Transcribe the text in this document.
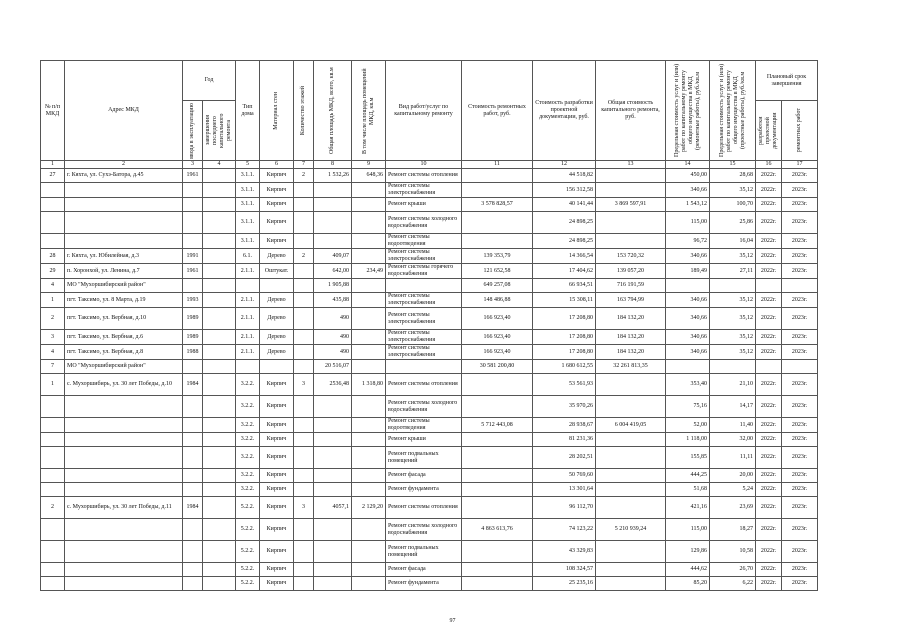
№ п/п МКД	Адрес МКД	Год		Тип дома	Материал стен	Количество этажей	Общая площадь МКД, всего, кв.м	В том числе площадь помещений МКД, кв.м	Вид работ/услуг по капитальному ремонту	Стоимость ремонтных работ, руб.	Стоимость разработки проектной документации, руб.	Общая стоимость капитального ремонта, руб.	Предельная стоимость услуг и (или) работ по капитальному ремонту общего имущества в МКД (ремонтные работы), руб./кв.м	Предельная стоимость услуг и (или) работ по капитальному ремонту общего имущества в МКД (проектные работы), руб./кв.м	Плановый срок завершения	

		ввода в эксплуатацию	завершения последнего капитального ремонта												разработки проектной документации	ремонтных работ

1	2	3	4	5	6	7	8	9	10	11	12	13	14	15	16	17
27	г. Кяхта, ул. Сухэ-Батора, д.45	1961		3.1.1.	Кирпич	2	1 532,26	648,36	Ремонт системы отопления		44 518,82		450,00	28,68	2022г.	2023г.
				3.1.1.	Кирпич				Ремонт системы электроснабжения		156 312,58		340,66	35,12	2022г.	2023г.
				3.1.1.	Кирпич				Ремонт крыши	3 578 828,57	40 141,44	3 869 597,91	1 543,12	100,70	2022г.	2023г.
				3.1.1.	Кирпич				Ремонт системы холодного водоснабжения		24 898,25		115,00	25,86	2022г.	2023г.
				3.1.1.	Кирпич				Ремонт системы водоотведения		24 898,25		96,72	16,04	2022г.	2023г.
28	г. Кяхта, ул. Юбилейная, д.3	1991		6.1.	Дерево	2	409,07		Ремонт системы электроснабжения	139 353,79	14 366,54	153 720,32	340,66	35,12	2022г.	2023г.
29	п. Хоронхой, ул. Ленина, д.7	1961		2.1.1.	Оштукат.		642,00	234,49	Ремонт системы горячего водоснабжения	121 652,58	17 404,62	139 057,20	189,49	27,11	2022г.	2023г.
4	МО "Мухоршибирский район"						1 905,88			649 257,08	66 934,51	716 191,59				
1	пгт. Таксимо, ул. 8 Марта, д.19	1993		2.1.1.	Дерево		435,88		Ремонт системы электроснабжения	148 486,88	15 308,11	163 794,99	340,66	35,12	2022г.	2023г.
2	пгт. Таксимо, ул. Вербная, д.10	1989		2.1.1.	Дерево		490		Ремонт системы электроснабжения	166 923,40	17 208,80	184 132,20	340,66	35,12	2022г.	2023г.
3	пгт. Таксимо, ул. Вербная, д.6	1989		2.1.1.	Дерево		490		Ремонт системы электроснабжения	166 923,40	17 208,80	184 132,20	340,66	35,12	2022г.	2023г.
4	пгт. Таксимо, ул. Вербная, д.8	1988		2.1.1.	Дерево		490		Ремонт системы электроснабжения	166 923,40	17 208,80	184 132,20	340,66	35,12	2022г.	2023г.
7	МО "Мухоршибирский район"						20 516,07			30 581 200,80	1 680 612,55	32 261 813,35				
1	с. Мухоршибирь, ул. 30 лет Победы, д.10	1984		3.2.2.	Кирпич	3	2536,48	1 318,80	Ремонт системы отопления		53 561,93		353,40	21,10	2022г.	2023г.
				3.2.2.	Кирпич				Ремонт системы холодного водоснабжения		35 970,26		75,16	14,17	2022г.	2023г.
				3.2.2.	Кирпич				Ремонт системы водоотведения	5 712 443,08	28 938,67	6 004 419,05	52,00	11,40	2022г.	2023г.
				3.2.2.	Кирпич				Ремонт крыши		81 231,36		1 118,00	32,00	2022г.	2023г.
				3.2.2.	Кирпич				Ремонт подвальных помещений		28 202,51		155,85	11,11	2022г.	2023г.
				3.2.2.	Кирпич				Ремонт фасада		50 769,60		444,25	20,00	2022г.	2023г.
				3.2.2.	Кирпич				Ремонт фундамента		13 301,64		51,68	5,24	2022г.	2023г.
2	с. Мухоршибирь, ул. 30 лет Победы, д.11	1984		5.2.2.	Кирпич	3	4057,1	2 129,20	Ремонт системы отопления		96 112,70		421,16	23,69	2022г.	2023г.
				5.2.2.	Кирпич				Ремонт системы холодного водоснабжения	4 863 613,76	74 123,22	5 210 939,24	115,00	18,27	2022г.	2023г.
				5.2.2.	Кирпич				Ремонт подвальных помещений		43 329,83		129,86	10,58	2022г.	2023г.
				5.2.2.	Кирпич				Ремонт фасада		108 324,57		444,62	26,70	2022г.	2023г.
				5.2.2.	Кирпич				Ремонт фундамента		25 235,16		85,20	6,22	2022г.	2023г.
97
